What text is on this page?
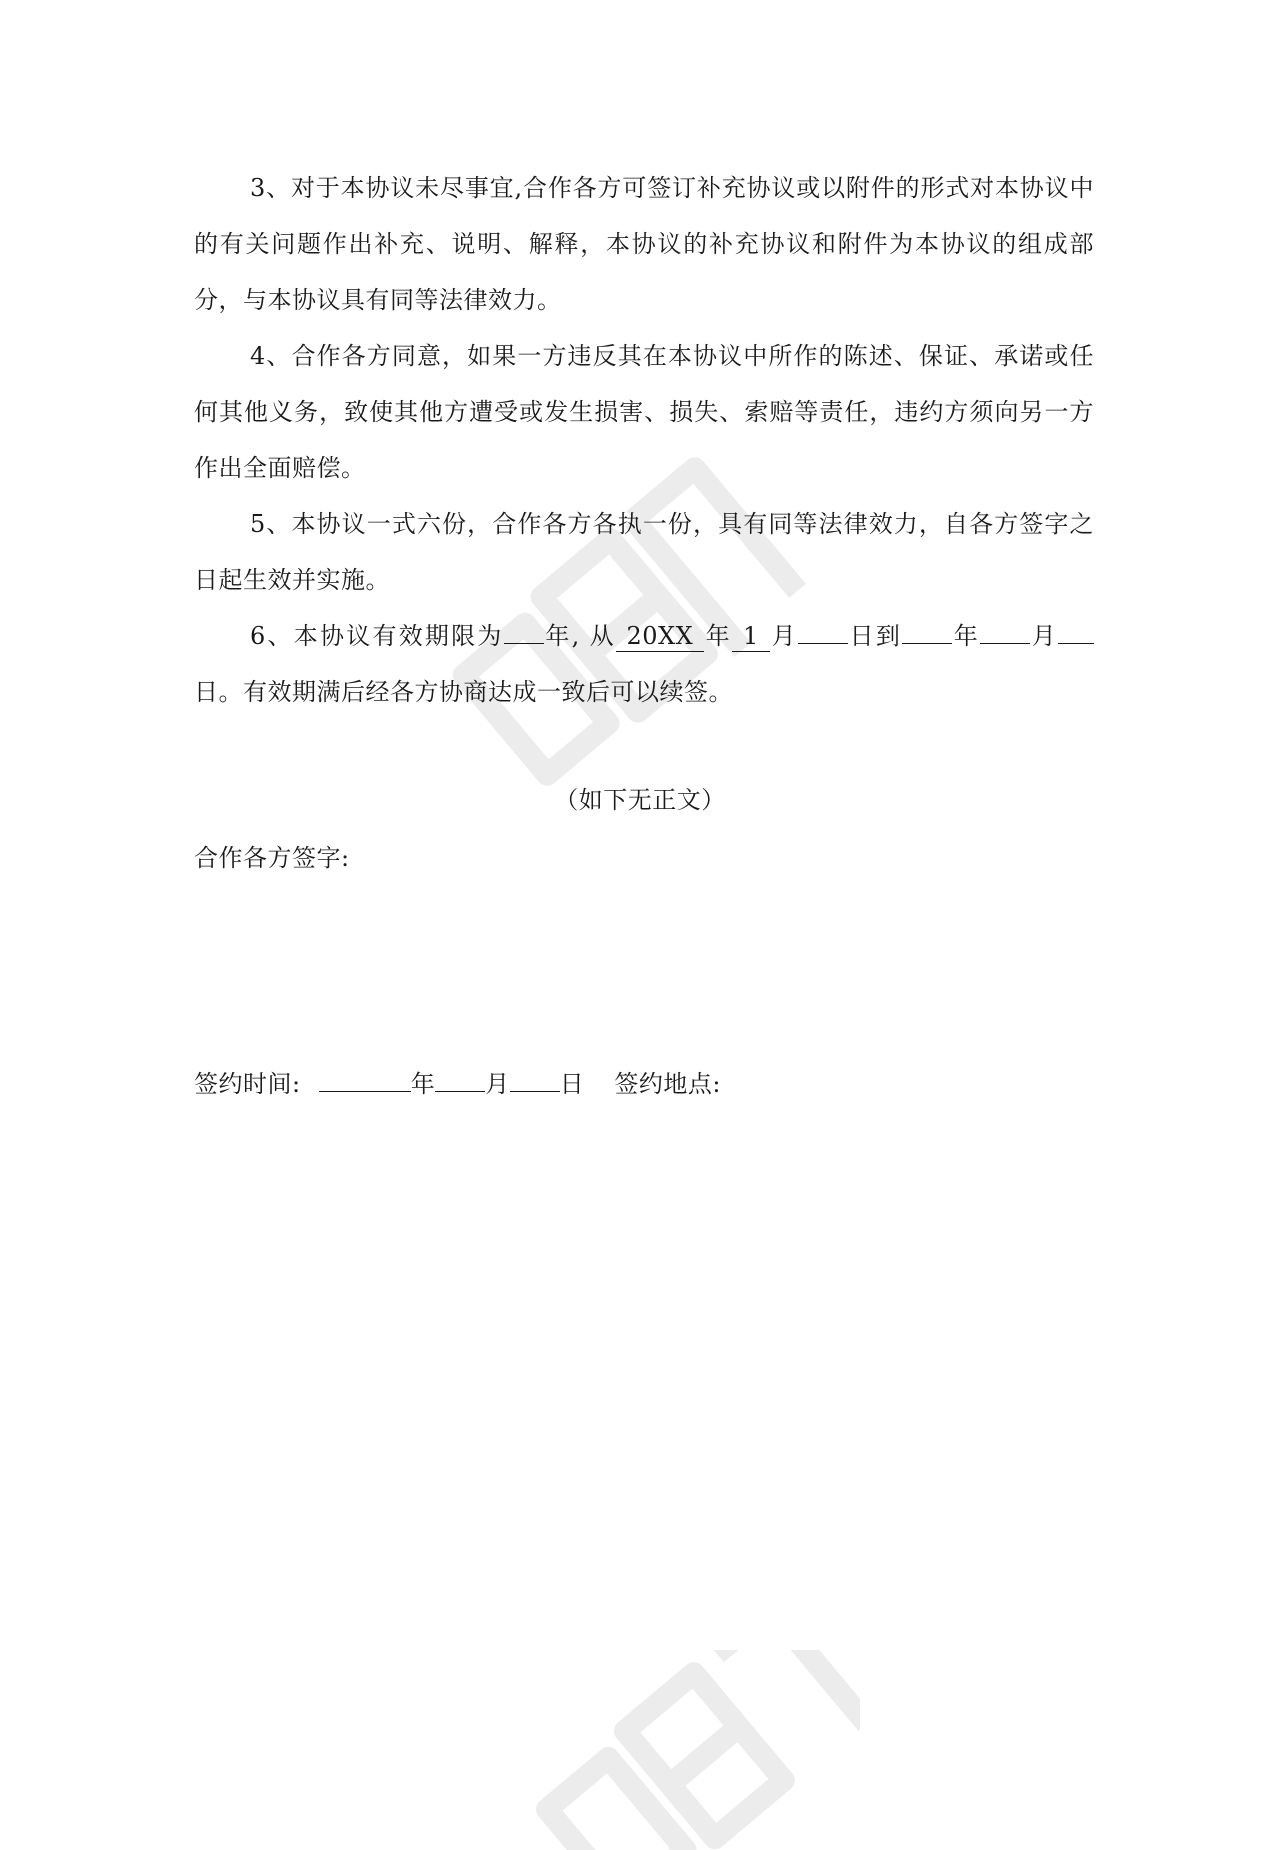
3、对于本协议未尽事宜,合作各方可签订补充协议或以附件的形式对本协议中的有关问题作出补充、说明、解释，本协议的补充协议和附件为本协议的组成部分，与本协议具有同等法律效力。

4、合作各方同意，如果一方违反其在本协议中所作的陈述、保证、承诺或任何其他义务，致使其他方遭受或发生损害、损失、索赔等责任，违约方须向另一方作出全面赔偿。

5、本协议一式六份，合作各方各执一份，具有同等法律效力，自各方签字之日起生效并实施。

6、本协议有效期限为 年, 从 20XX 年 1 月 日到 年 月日。有效期满后经各方协商达成一致后可以续签。

（如下无正文）
合作各方签字:
签约时间:	年 月 日 签约地点:
